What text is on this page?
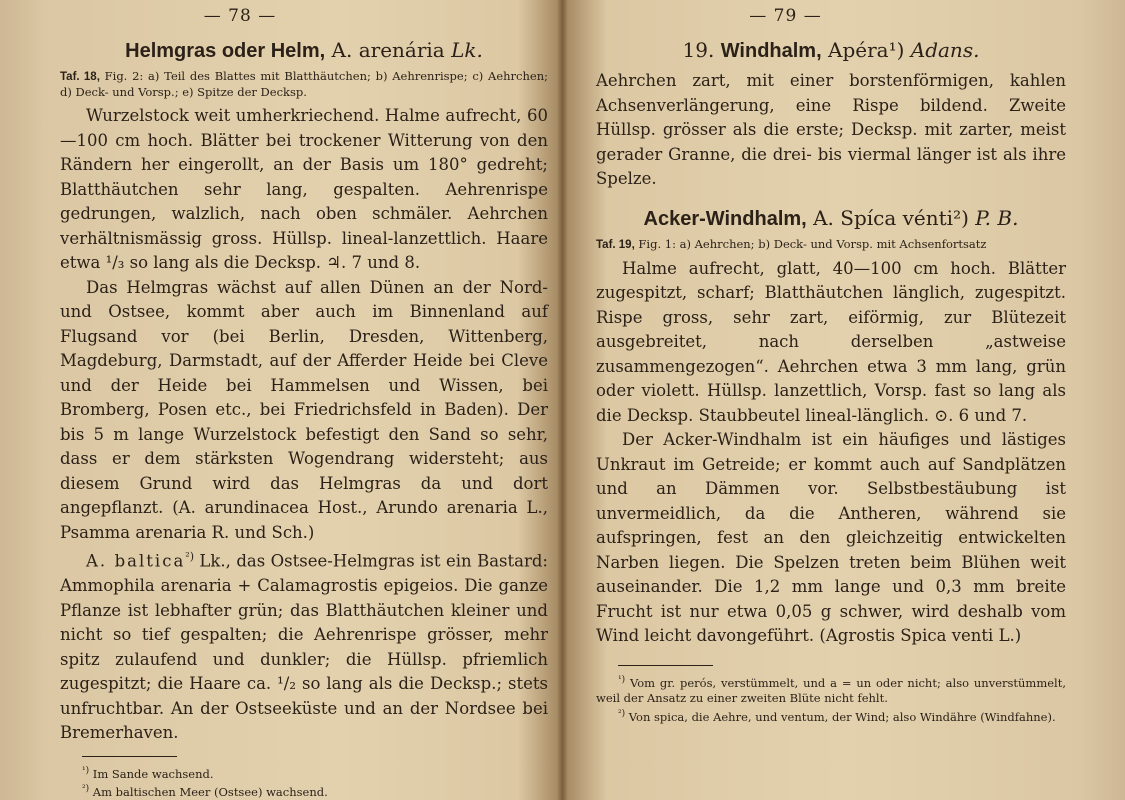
— 78 —
Helmgras oder Helm, A. arenária Lk.

Taf. 18, Fig. 2: a) Teil des Blattes mit Blatthäutchen; b) Aehrenrispe; c) Aehrchen; d) Deck- und Vorsp.; e) Spitze der Decksp.

Wurzelstock weit umherkriechend. Halme aufrecht, 60—100 cm hoch. Blätter bei trockener Witterung von den Rändern her eingerollt, an der Basis um 180° gedreht; Blatthäutchen sehr lang, gespalten. Aehrenrispe gedrungen, walzlich, nach oben schmäler. Aehrchen verhältnismässig gross. Hüllsp. lineal-lanzettlich. Haare etwa ¹/₃ so lang als die Decksp. ♃. 7 und 8.

Das Helmgras wächst auf allen Dünen an der Nord- und Ostsee, kommt aber auch im Binnenland auf Flugsand vor (bei Berlin, Dresden, Wittenberg, Magdeburg, Darmstadt, auf der Afferder Heide bei Cleve und der Heide bei Hammelsen und Wissen, bei Bromberg, Posen etc., bei Friedrichsfeld in Baden). Der bis 5 m lange Wurzelstock befestigt den Sand so sehr, dass er dem stärksten Wogendrang widersteht; aus diesem Grund wird das Helmgras da und dort angepflanzt. (A. arundinacea Host., Arundo arenaria L., Psamma arenaria R. und Sch.)

A. baltica$^{^2)}$ Lk., das Ostsee-Helmgras ist ein Bastard: Ammophila arenaria + Calamagrostis epigeios. Die ganze Pflanze ist lebhafter grün; das Blatthäutchen kleiner und nicht so tief gespalten; die Aehrenrispe grösser, mehr spitz zulaufend und dunkler; die Hüllsp. pfriemlich zugespitzt; die Haare ca. ¹/₂ so lang als die Decksp.; stets unfruchtbar. An der Ostseeküste und an der Nordsee bei Bremerhaven.

$^{^1)}$ Im Sande wachsend.

$^{^2)}$ Am baltischen Meer (Ostsee) wachsend.

— 79 —
19. Windhalm, Apéra¹) Adans.

Aehrchen zart, mit einer borstenförmigen, kahlen Achsenverlängerung, eine Rispe bildend. Zweite Hüllsp. grösser als die erste; Decksp. mit zarter, meist gerader Granne, die drei- bis viermal länger ist als ihre Spelze.

Acker-Windhalm, A. Spíca vénti²) P. B.

Taf. 19, Fig. 1: a) Aehrchen; b) Deck- und Vorsp. mit Achsenfortsatz

Halme aufrecht, glatt, 40—100 cm hoch. Blätter zugespitzt, scharf; Blatthäutchen länglich, zugespitzt. Rispe gross, sehr zart, eiförmig, zur Blütezeit ausgebreitet, nach derselben „astweise zusammengezogen“. Aehrchen etwa 3 mm lang, grün oder violett. Hüllsp. lanzettlich, Vorsp. fast so lang als die Decksp. Staubbeutel lineal-länglich. ⊙. 6 und 7.

Der Acker-Windhalm ist ein häufiges und lästiges Unkraut im Getreide; er kommt auch auf Sandplätzen und an Dämmen vor. Selbstbestäubung ist unvermeidlich, da die Antheren, während sie aufspringen, fest an den gleichzeitig entwickelten Narben liegen. Die Spelzen treten beim Blühen weit auseinander. Die 1,2 mm lange und 0,3 mm breite Frucht ist nur etwa 0,05 g schwer, wird deshalb vom Wind leicht davongeführt. (Agrostis Spica venti L.)

$^{^1)}$ Vom gr. perós, verstümmelt, und a = un oder nicht; also unverstümmelt, weil der Ansatz zu einer zweiten Blüte nicht fehlt.

$^{^2)}$ Von spica, die Aehre, und ventum, der Wind; also Windähre (Windfahne).
